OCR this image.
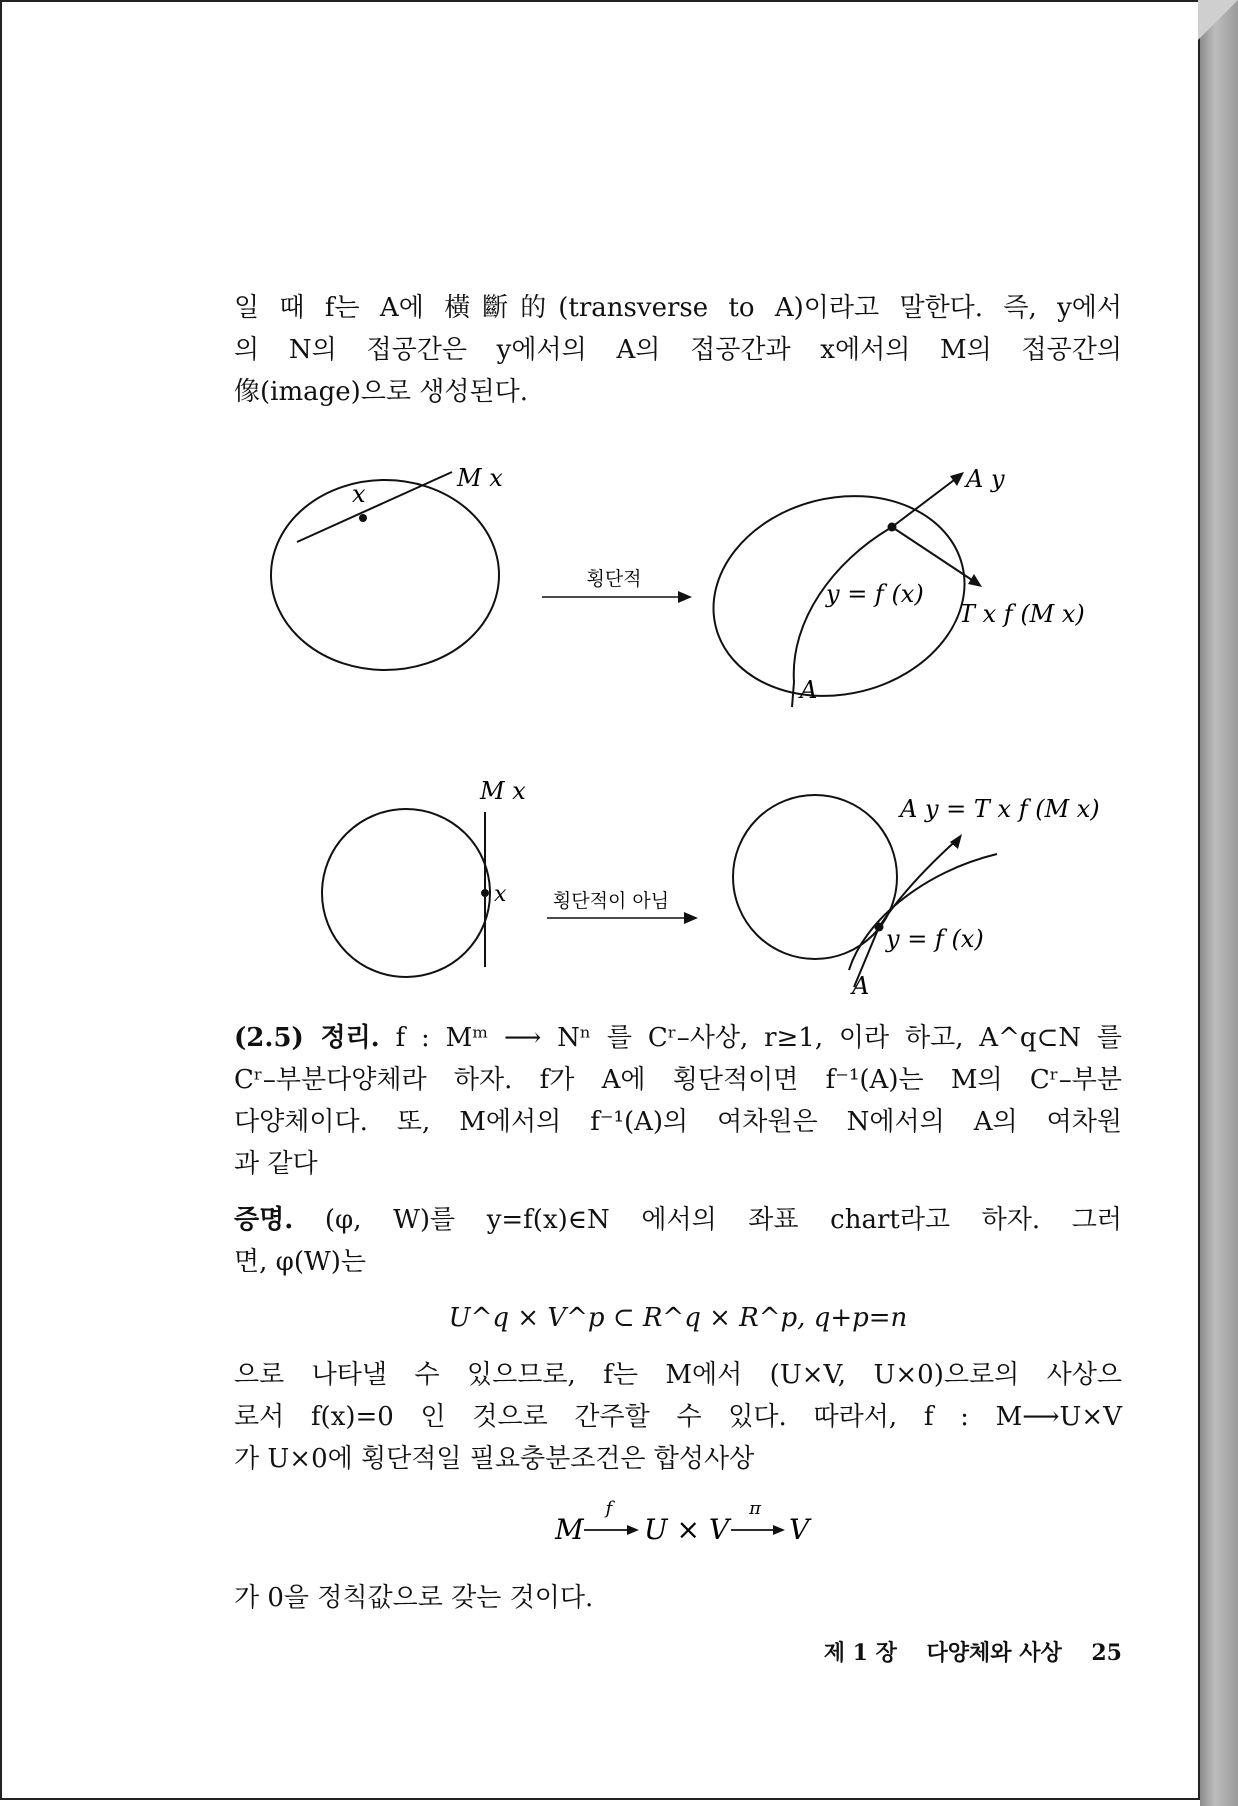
일 때 f는 A에 橫斷的(transverse to A)이라고 말한다. 즉, y에서
의 N의 접공간은 y에서의 A의 접공간과 x에서의 M의 접공간의
像(image)으로 생성된다.
x
M x
횡단적
A y
y = f (x)
T x f (M x)
A
M x
x 횡단적이 아님
A y = T x f (M x)
y = f (x)
A
(2.5) 정리. f : Mᵐ ⟶ Nⁿ 를 Cʳ–사상, r≥1, 이라 하고, A^q⊂N 를
Cʳ–부분다양체라 하자. f가 A에 횡단적이면 f⁻¹(A)는 M의 Cʳ–부분
다양체이다. 또, M에서의 f⁻¹(A)의 여차원은 N에서의 A의 여차원
과 같다
증명. (φ, W)를 y=f(x)∈N 에서의 좌표 chart라고 하자. 그러
면, φ(W)는
U^q × V^p ⊂ R^q × R^p, q+p=n
으로 나타낼 수 있으므로, f는 M에서 (U×V, U×0)으로의 사상으
로서 f(x)=0 인 것으로 간주할 수 있다. 따라서, f : M⟶U×V
가 U×0에 횡단적일 필요충분조건은 합성사상
M
f
U × V
π
V
가 0을 정칙값으로 갖는 것이다.
제 1 장 다양체와 사상 25
